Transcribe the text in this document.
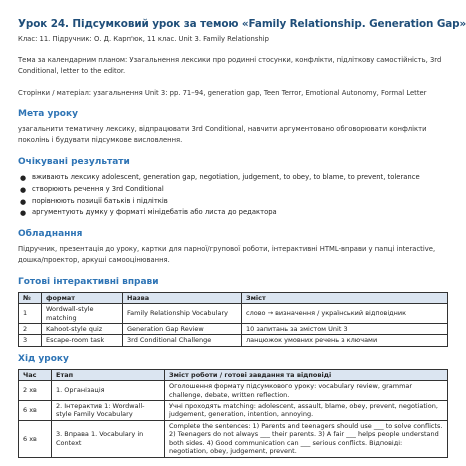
Урок 24. Підсумковий урок за темою «Family Relationship. Generation Gap»
Клас: 11. Підручник: О. Д. Карп'юк, 11 клас. Unit 3. Family Relationship
Тема за календарним планом: Узагальнення лексики про родинні стосунки, конфлікти, підліткову самостійність, 3rd Conditional, letter to the editor.
Сторінки / матеріал: узагальнення Unit 3: pp. 71–94, generation gap, Teen Terror, Emotional Autonomy, Formal Letter
Мета уроку
узагальнити тематичну лексику, відпрацювати 3rd Conditional, навчити аргументовано обговорювати конфлікти поколінь і будувати підсумкове висловлення.
Очікувані результати
● вживають лексику adolescent, generation gap, negotiation, judgement, to obey, to blame, to prevent, tolerance
● створюють речення у 3rd Conditional
● порівнюють позиції батьків і підлітків
● аргументують думку у форматі мінідебатів або листа до редактора
Обладнання
Підручник, презентація до уроку, картки для парної/групової роботи, інтерактивні HTML-вправи у папці interactive, дошка/проектор, аркуші самооцінювання.
Готові інтерактивні вправи
№	формат	Назва	Зміст
1	Wordwall-style matching	Family Relationship Vocabulary	слово → визначення / український відповідник
2	Kahoot-style quiz	Generation Gap Review	10 запитань за змістом Unit 3
3	Escape-room task	3rd Conditional Challenge	ланцюжок умовних речень з ключами
Хід уроку
Час	Етап	Зміст роботи / готові завдання та відповіді
2 хв	1. Організація	Оголошення формату підсумкового уроку: vocabulary review, grammar challenge, debate, written reflection.
6 хв	2. Інтерактив 1: Wordwall-style Family Vocabulary	Учні проходять matching: adolescent, assault, blame, obey, prevent, negotiation, judgement, generation, intention, annoying.
6 хв	3. Вправа 1. Vocabulary in Context	Complete the sentences: 1) Parents and teenagers should use ___ to solve conflicts. 2) Teenagers do not always ___ their parents. 3) A fair ___ helps people understand both sides. 4) Good communication can ___ serious conflicts. Відповіді: negotiation, obey, judgement, prevent.
